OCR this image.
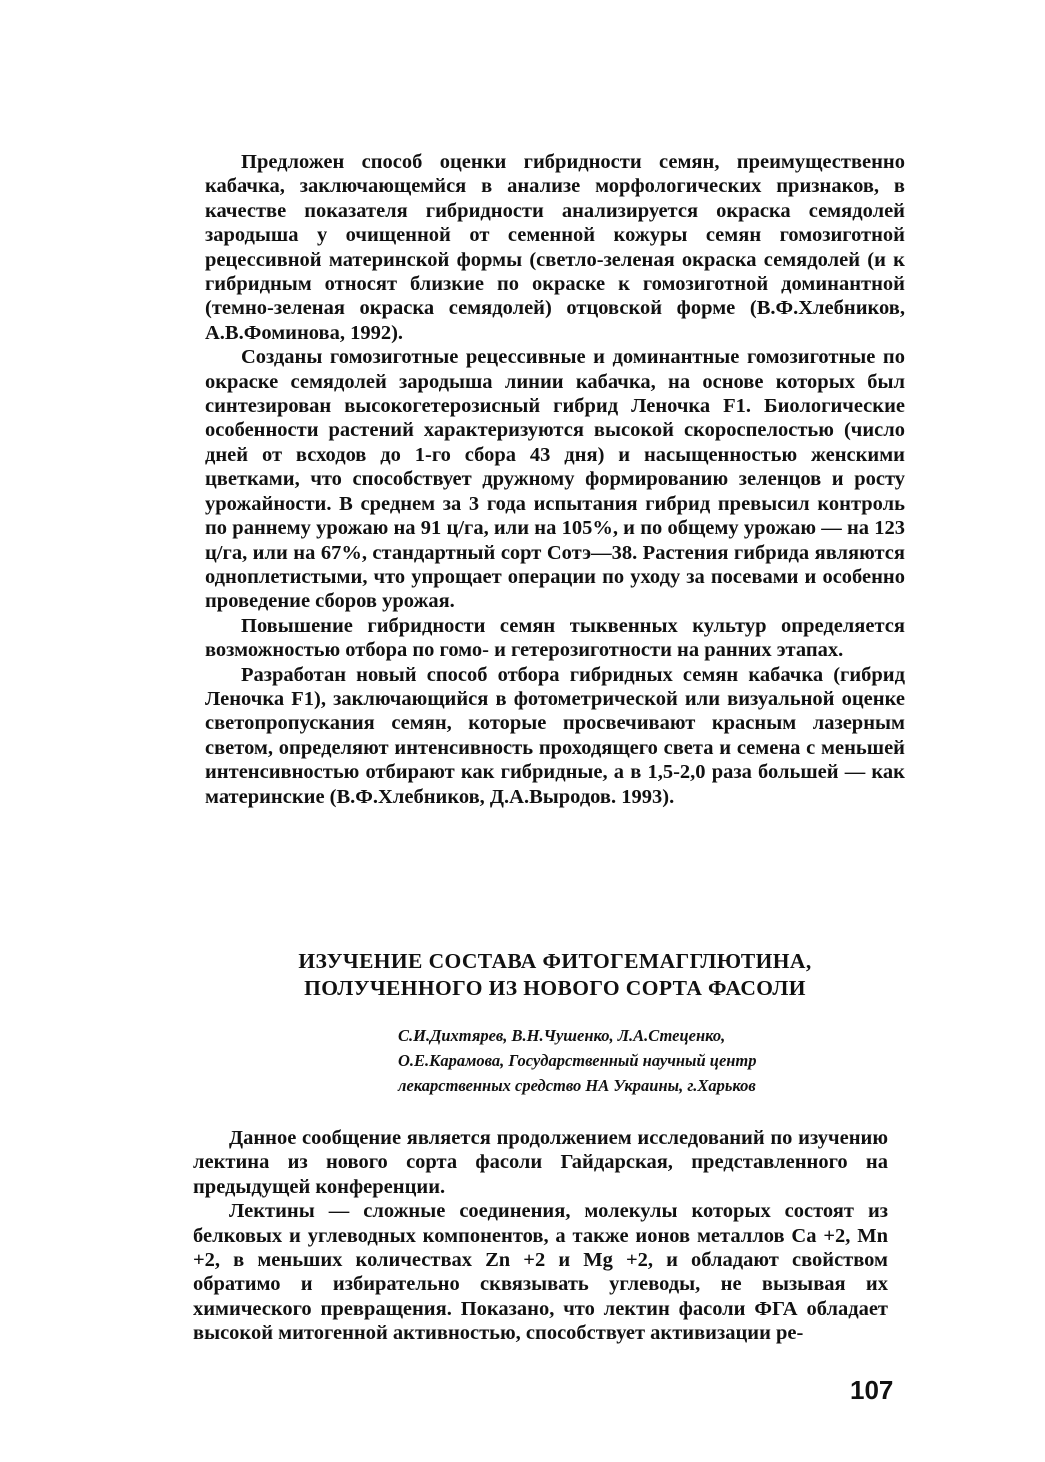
Предложен способ оценки гибридности семян, преимущественно кабачка, заключающемйся в анализе морфологических признаков, в качестве показателя гибридности анализируется окраска семядолей зародыша у очищенной от семенной кожуры семян гомозиготной рецессивной материнской формы (светло-зеленая окраска семядолей (и к гибридным относят близкие по окраске к гомозиготной доминантной (темно-зеленая окраска семядолей) отцовской форме (В.Ф.Хлебников, А.В.Фоминова, 1992).

Созданы гомозиготные рецессивные и доминантные гомозиготные по окраске семядолей зародыша линии кабачка, на основе которых был синтезирован высокогетерозисный гибрид Леночка F1. Биологические особенности растений характеризуются высокой скороспелостью (число дней от всходов до 1-го сбора 43 дня) и насыщенностью женскими цветками, что способствует дружному формированию зеленцов и росту урожайности. В среднем за 3 года испытания гибрид превысил контроль по раннему урожаю на 91 ц/га, или на 105%, и по общему урожаю — на 123 ц/га, или на 67%, стандартный сорт Сотэ—38. Растения гибрида являются одноплетистыми, что упрощает операции по уходу за посевами и особенно проведение сборов урожая.

Повышение гибридности семян тыквенных культур определяется возможностью отбора по гомо- и гетерозиготности на ранних этапах.

Разработан новый способ отбора гибридных семян кабачка (гибрид Леночка F1), заключающийся в фотометрической или визуальной оценке светопропускания семян, которые просвечивают красным лазерным светом, определяют интенсивность проходящего света и семена с меньшей интенсивностью отбирают как гибридные, а в 1,5-2,0 раза большей — как материнские (В.Ф.Хлебников, Д.А.Выродов. 1993).

ИЗУЧЕНИЕ СОСТАВА ФИТОГЕМАГГЛЮТИНА,
ПОЛУЧЕННОГО ИЗ НОВОГО СОРТА ФАСОЛИ
С.И.Дихтярев, В.Н.Чушенко, Л.А.Стеценко,
О.Е.Карамова, Государственный научный центр
лекарственных средство НА Украины, г.Харьков

Данное сообщение является продолжением исследований по изучению лектина из нового сорта фасоли Гайдарская, представленного на предыдущей конференции.

Лектины — сложные соединения, молекулы которых состоят из белковых и углеводных компонентов, а также ионов металлов Са +2, Mn +2, в меньших количествах Zn +2 и Mg +2, и обладают свойством обратимо и избирательно сквязывать углеводы, не вызывая их химического превращения. Показано, что лектин фасоли ФГА обладает высокой митогенной активностью, способствует активизации ре-

107
